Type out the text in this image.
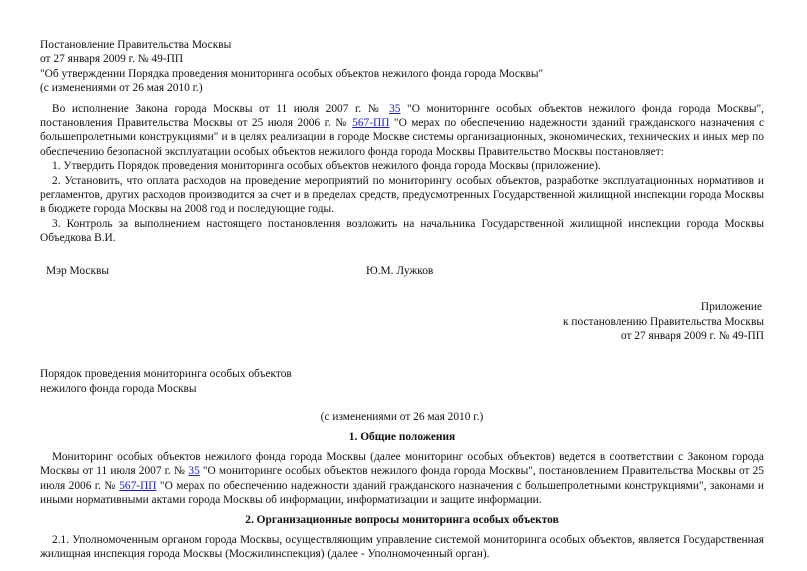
Постановление Правительства Москвы

от 27 января 2009 г. № 49-ПП

"Об утверждении Порядка проведения мониторинга особых объектов нежилого фонда города Москвы"

(с изменениями от 26 мая 2010 г.)

Во исполнение Закона города Москвы от 11 июля 2007 г. № 35 "О мониторинге особых объектов нежилого фонда города Москвы", постановления Правительства Москвы от 25 июля 2006 г. № 567-ПП "О мерах по обеспечению надежности зданий гражданского назначения с большепролетными конструкциями" и в целях реализации в городе Москве системы организационных, экономических, технических и иных мер по обеспечению безопасной эксплуатации особых объектов нежилого фонда города Москвы Правительство Москвы постановляет:

1. Утвердить Порядок проведения мониторинга особых объектов нежилого фонда города Москвы (приложение).

2. Установить, что оплата расходов на проведение мероприятий по мониторингу особых объектов, разработке эксплуатационных нормативов и регламентов, других расходов производится за счет и в пределах средств, предусмотренных Государственной жилищной инспекции города Москвы в бюджете города Москвы на 2008 год и последующие годы.

3. Контроль за выполнением настоящего постановления возложить на начальника Государственной жилищной инспекции города Москвы Объедкова В.И.

Мэр Москвы	Ю.М. Лужков

Приложение

к постановлению Правительства Москвы

от 27 января 2009 г. № 49-ПП

Порядок проведения мониторинга особых объектов

нежилого фонда города Москвы

(с изменениями от 26 мая 2010 г.)

1. Общие положения

Мониторинг особых объектов нежилого фонда города Москвы (далее мониторинг особых объектов) ведется в соответствии с Законом города Москвы от 11 июля 2007 г. № 35 "О мониторинге особых объектов нежилого фонда города Москвы", постановлением Правительства Москвы от 25 июля 2006 г. № 567-ПП "О мерах по обеспечению надежности зданий гражданского назначения с большепролетными конструкциями", законами и иными нормативными актами города Москвы об информации, информатизации и защите информации.

2. Организационные вопросы мониторинга особых объектов

2.1. Уполномоченным органом города Москвы, осуществляющим управление системой мониторинга особых объектов, является Государственная жилищная инспекция города Москвы (Мосжилинспекция) (далее - Уполномоченный орган).
